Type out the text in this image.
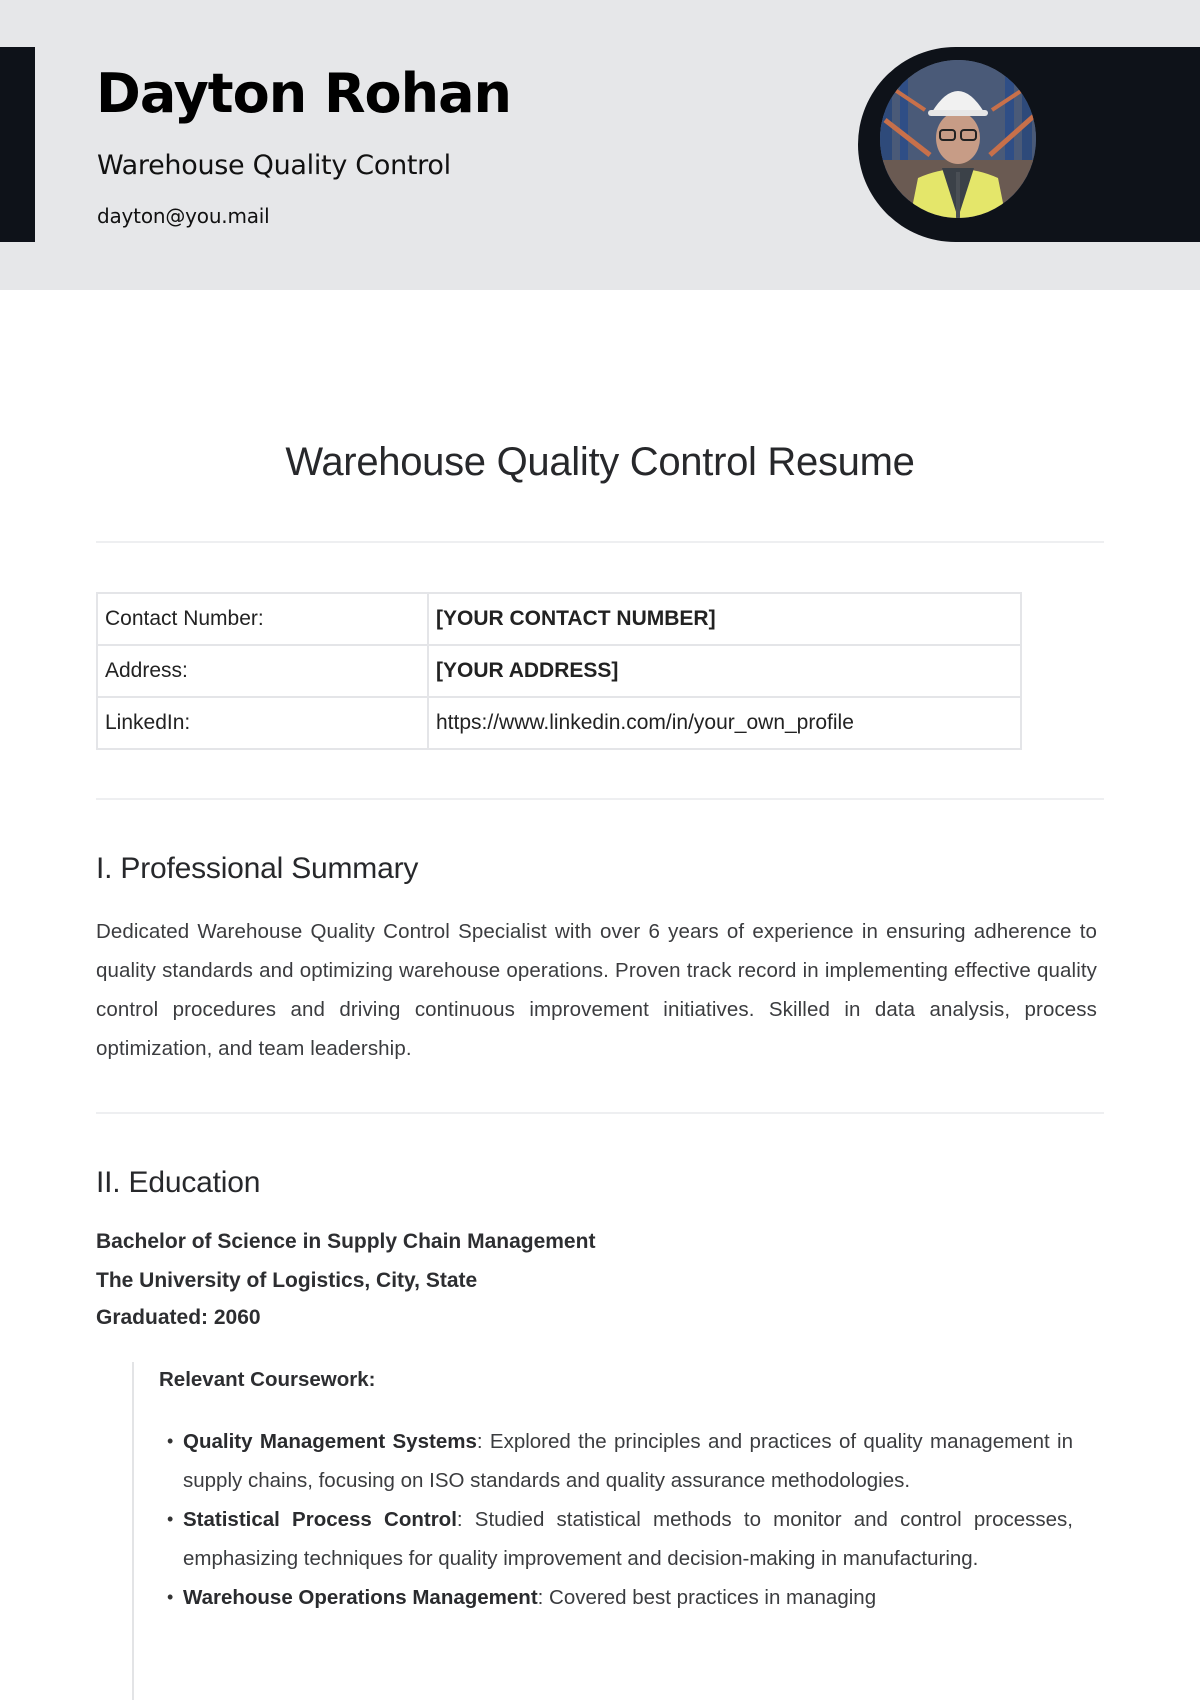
Dayton Rohan
Warehouse Quality Control
dayton@you.mail
Warehouse Quality Control Resume
Contact Number:	[YOUR CONTACT NUMBER]
Address:	[YOUR ADDRESS]
LinkedIn:	https://www.linkedin.com/in/your_own_profile
I. Professional Summary

Dedicated Warehouse Quality Control Specialist with over 6 years of experience in ensuring adherence to quality standards and optimizing warehouse operations. Proven track record in implementing effective quality control procedures and driving continuous improvement initiatives. Skilled in data analysis, process optimization, and team leadership.

II. Education
Bachelor of Science in Supply Chain Management
The University of Logistics, City, State
Graduated: 2060
Relevant Coursework:
• Quality Management Systems: Explored the principles and practices of quality management in supply chains, focusing on ISO standards and quality assurance methodologies.
• Statistical Process Control: Studied statistical methods to monitor and control processes, emphasizing techniques for quality improvement and decision-making in manufacturing.
• Warehouse Operations Management: Covered best practices in managing
